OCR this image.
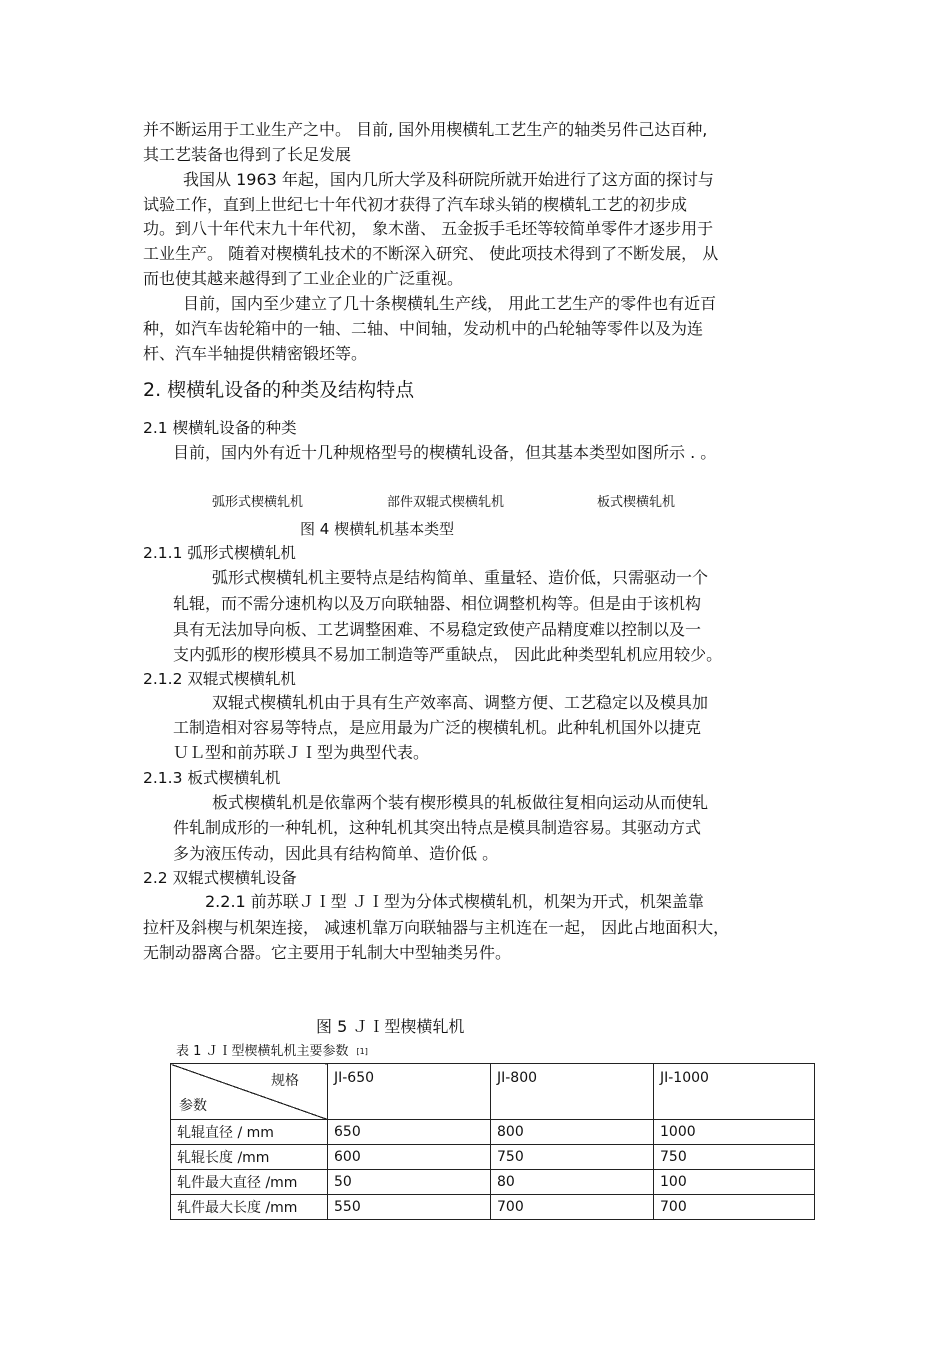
并不断运用于工业生产之中。 目前, 国外用楔横轧工艺生产的轴类另件己达百种,
其工艺装备也得到了长足发展
我国从 1963 年起，国内几所大学及科研院所就开始进行了这方面的探讨与
试验工作，直到上世纪七十年代初才获得了汽车球头销的楔横轧工艺的初步成
功。到八十年代末九十年代初， 象木凿、 五金扳手毛坯等较简单零件才逐步用于
工业生产。 随着对楔横轧技术的不断深入研究、 使此项技术得到了不断发展， 从
而也使其越来越得到了工业企业的广泛重视。
目前，国内至少建立了几十条楔横轧生产线， 用此工艺生产的零件也有近百
种，如汽车齿轮箱中的一轴、二轴、中间轴，发动机中的凸轮轴等零件以及为连
杆、汽车半轴提供精密锻坯等。
2. 楔横轧设备的种类及结构特点
2.1 楔横轧设备的种类
目前，国内外有近十几种规格型号的楔横轧设备，但其基本类型如图所示 . 。
弧形式楔横轧机	部件双辊式楔横轧机	板式楔横轧机
图 4 楔横轧机基本类型
2.1.1 弧形式楔横轧机
弧形式楔横轧机主要特点是结构简单、重量轻、造价低，只需驱动一个
轧辊，而不需分速机构以及万向联轴器、相位调整机构等。但是由于该机构
具有无法加导向板、工艺调整困难、不易稳定致使产品精度难以控制以及一
支内弧形的楔形模具不易加工制造等严重缺点， 因此此种类型轧机应用较少。
2.1.2 双辊式楔横轧机
双辊式楔横轧机由于具有生产效率高、调整方便、工艺稳定以及模具加
工制造相对容易等特点，是应用最为广泛的楔横轧机。此种轧机国外以捷克
ＵＬ型和前苏联ＪＩ型为典型代表。
2.1.3 板式楔横轧机
板式楔横轧机是依靠两个装有楔形模具的轧板做往复相向运动从而使轧
件轧制成形的一种轧机，这种轧机其突出特点是模具制造容易。其驱动方式
多为液压传动，因此具有结构简单、造价低 。
2.2 双辊式楔横轧设备
2.2.1 前苏联ＪＩ型 ＪＩ型为分体式楔横轧机，机架为开式，机架盖靠
拉杆及斜楔与机架连接， 减速机靠万向联轴器与主机连在一起， 因此占地面积大，
无制动器离合器。它主要用于轧制大中型轴类另件。
图 5 ＪＩ型楔横轧机
表 1 ＪＩ型楔横轧机主要参数 [1]
规格
参数	JI-650	JI-800	JI-1000
轧辊直径 / mm	650	800	1000
轧辊长度 /mm	600	750	750
轧件最大直径 /mm	50	80	100
轧件最大长度 /mm	550	700	700
